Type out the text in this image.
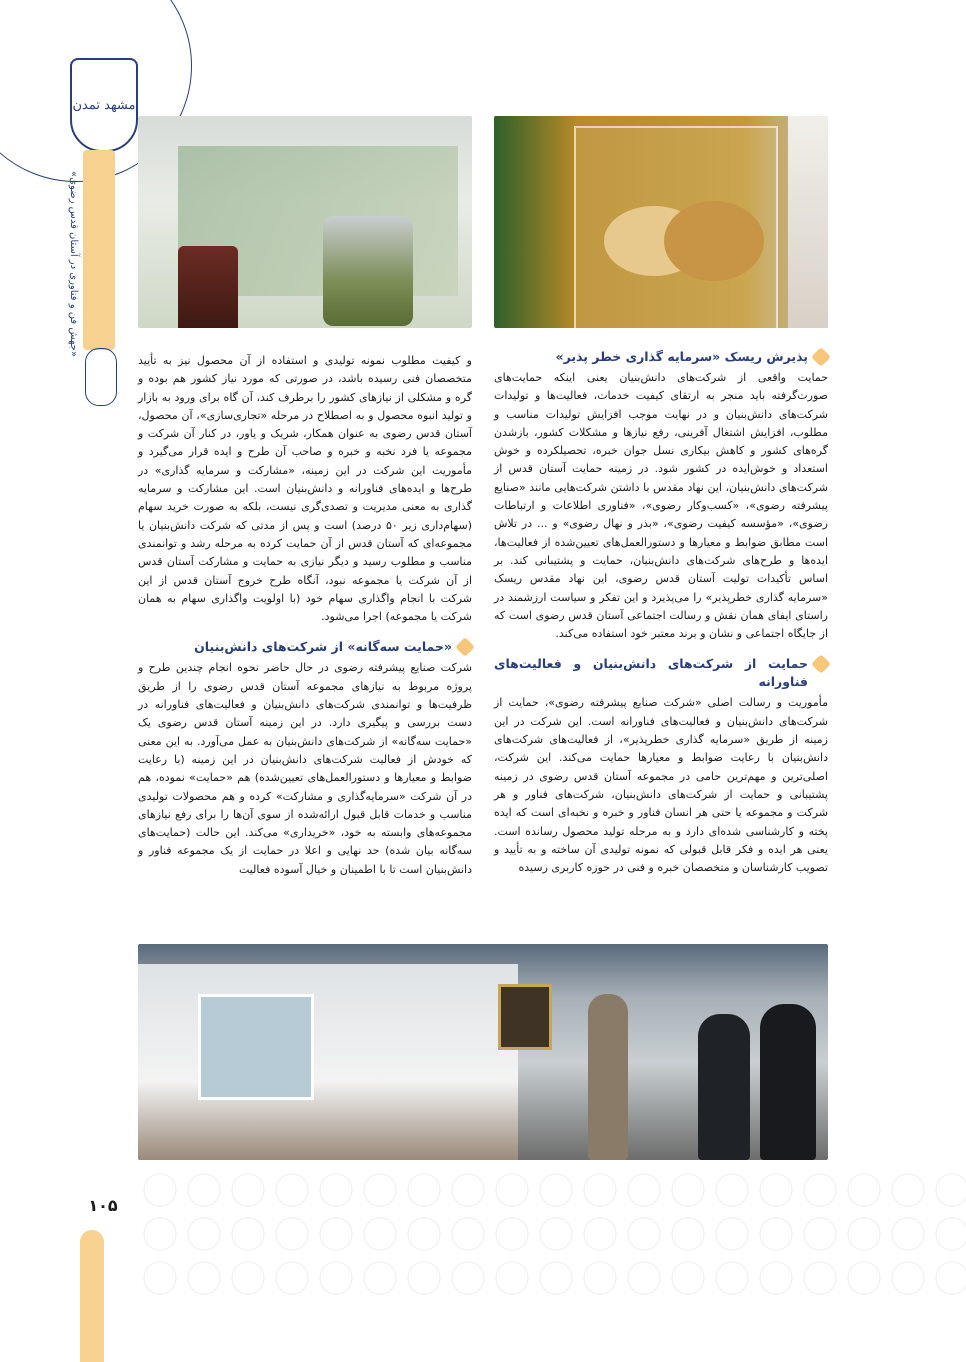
مشهد تمدن
«جهش فن و فناوری در آستان قدس رضوی»
۱۰۵
پذیرش ریسک «سرمایه گذاری خطر پذیر»

حمایت واقعی از شرکت‌های دانش‌بنیان یعنی اینکه حمایت‌های صورت‌گرفته باید منجر به ارتقای کیفیت خدمات، فعالیت‌ها و تولیدات شرکت‌های دانش‌بنیان و در نهایت موجب افزایش تولیدات مناسب و مطلوب، افزایش اشتغال آفرینی، رفع نیازها و مشکلات کشور، بازشدن گره‌های کشور و کاهش بیکاری نسل جوان خبره، تحصیلکرده و خوش استعداد و خوش‌ایده در کشور شود. در زمینه حمایت آستان قدس از شرکت‌های دانش‌بنیان، این نهاد مقدس با داشتن شرکت‌هایی مانند «صنایع پیشرفته رضوی»، «کسب‌وکار رضوی»، «فناوری اطلاعات و ارتباطات رضوی»، «مؤسسه کیفیت رضوی»، «بذر و نهال رضوی» و ... در تلاش است مطابق ضوابط و معیارها و دستورالعمل‌های تعیین‌شده از فعالیت‌ها، ایده‌ها و طرح‌های شرکت‌های دانش‌بنیان، حمایت و پشتیبانی کند. بر اساس تأکیدات تولیت آستان قدس رضوی، این نهاد مقدس ریسک «سرمایه گذاری خطرپذیر» را می‌پذیرد و این تفکر و سیاست ارزشمند در راستای ایفای همان نقش و رسالت اجتماعی آستان قدس رضوی است که از جایگاه اجتماعی و نشان و برند معتبر خود استفاده می‌کند.

حمایت از شرکت‌های دانش‌بنیان و فعالیت‌های فناورانه

مأموریت و رسالت اصلی «شرکت صنایع پیشرفته رضوی»، حمایت از شرکت‌های دانش‌بنیان و فعالیت‌های فناورانه است. این شرکت در این زمینه از طریق «سرمایه گذاری خطرپذیر»، از فعالیت‌های شرکت‌های دانش‌بنیان با رعایت ضوابط و معیارها حمایت می‌کند. این شرکت، اصلی‌ترین و مهم‌ترین حامی در مجموعه آستان قدس رضوی در زمینه پشتیبانی و حمایت از شرکت‌های دانش‌بنیان، شرکت‌های فناور و هر شرکت و مجموعه یا حتی هر انسان فناور و خبره و نخبه‌ای است که ایده پخته و کارشناسی شده‌ای دارد و به مرحله تولید محصول رسانده است. یعنی هر ایده و فکر قابل قبولی که نمونه تولیدی آن ساخته و به تأیید و تصویب کارشناسان و متخصصان خبره و فنی در حوزه کاربری رسیده

و کیفیت مطلوب نمونه تولیدی و استفاده از آن محصول نیز به تأیید متخصصان فنی رسیده باشد، در صورتی که مورد نیاز کشور هم بوده و گره و مشکلی از نیازهای کشور را برطرف کند، آن گاه برای ورود به بازار و تولید انبوه محصول و به اصطلاح در مرحله «تجاری‌سازی»، آن محصول، آستان قدس رضوی به عنوان همکار، شریک و یاور، در کنار آن شرکت و مجموعه یا فرد نخبه و خبره و صاحب آن طرح و ایده قرار می‌گیرد و مأموریت این شرکت در این زمینه، «مشارکت و سرمایه گذاری» در طرح‌ها و ایده‌های فناورانه و دانش‌بنیان است. این مشارکت و سرمایه گذاری به معنی مدیریت و تصدی‌گری نیست، بلکه به صورت خرید سهام (سهام‌داری زیر ۵۰ درصد) است و پس از مدتی که شرکت دانش‌بنیان یا مجموعه‌ای که آستان قدس از آن حمایت کرده به مرحله رشد و توانمندی مناسب و مطلوب رسید و دیگر نیازی به حمایت و مشارکت آستان قدس از آن شرکت یا مجموعه نبود، آنگاه طرح خروج آستان قدس از این شرکت با انجام واگذاری سهام خود (با اولویت واگذاری سهام به همان شرکت یا مجموعه) اجرا می‌شود.

«حمایت سه‌گانه» از شرکت‌های دانش‌بنیان

شرکت صنایع پیشرفته رضوی در حال حاضر نحوه انجام چندین طرح و پروژه مربوط به نیازهای مجموعه آستان قدس رضوی را از طریق ظرفیت‌ها و توانمندی شرکت‌های دانش‌بنیان و فعالیت‌های فناورانه در دست بررسی و پیگیری دارد. در این زمینه آستان قدس رضوی یک «حمایت سه‌گانه» از شرکت‌های دانش‌بنیان به عمل می‌آورد. به این معنی که خودش از فعالیت شرکت‌های دانش‌بنیان در این زمینه (با رعایت ضوابط و معیارها و دستورالعمل‌های تعیین‌شده) هم «حمایت» نموده، هم در آن شرکت «سرمایه‌گذاری و مشارکت» کرده و هم محصولات تولیدی مناسب و خدمات قابل قبول ارائه‌شده از سوی آن‌ها را برای رفع نیازهای مجموعه‌های وابسته به خود، «خریداری» می‌کند. این حالت (حمایت‌های سه‌گانه بیان شده) حد نهایی و اعلا در حمایت از یک مجموعه فناور و دانش‌بنیان است تا با اطمینان و خیال آسوده فعالیت
